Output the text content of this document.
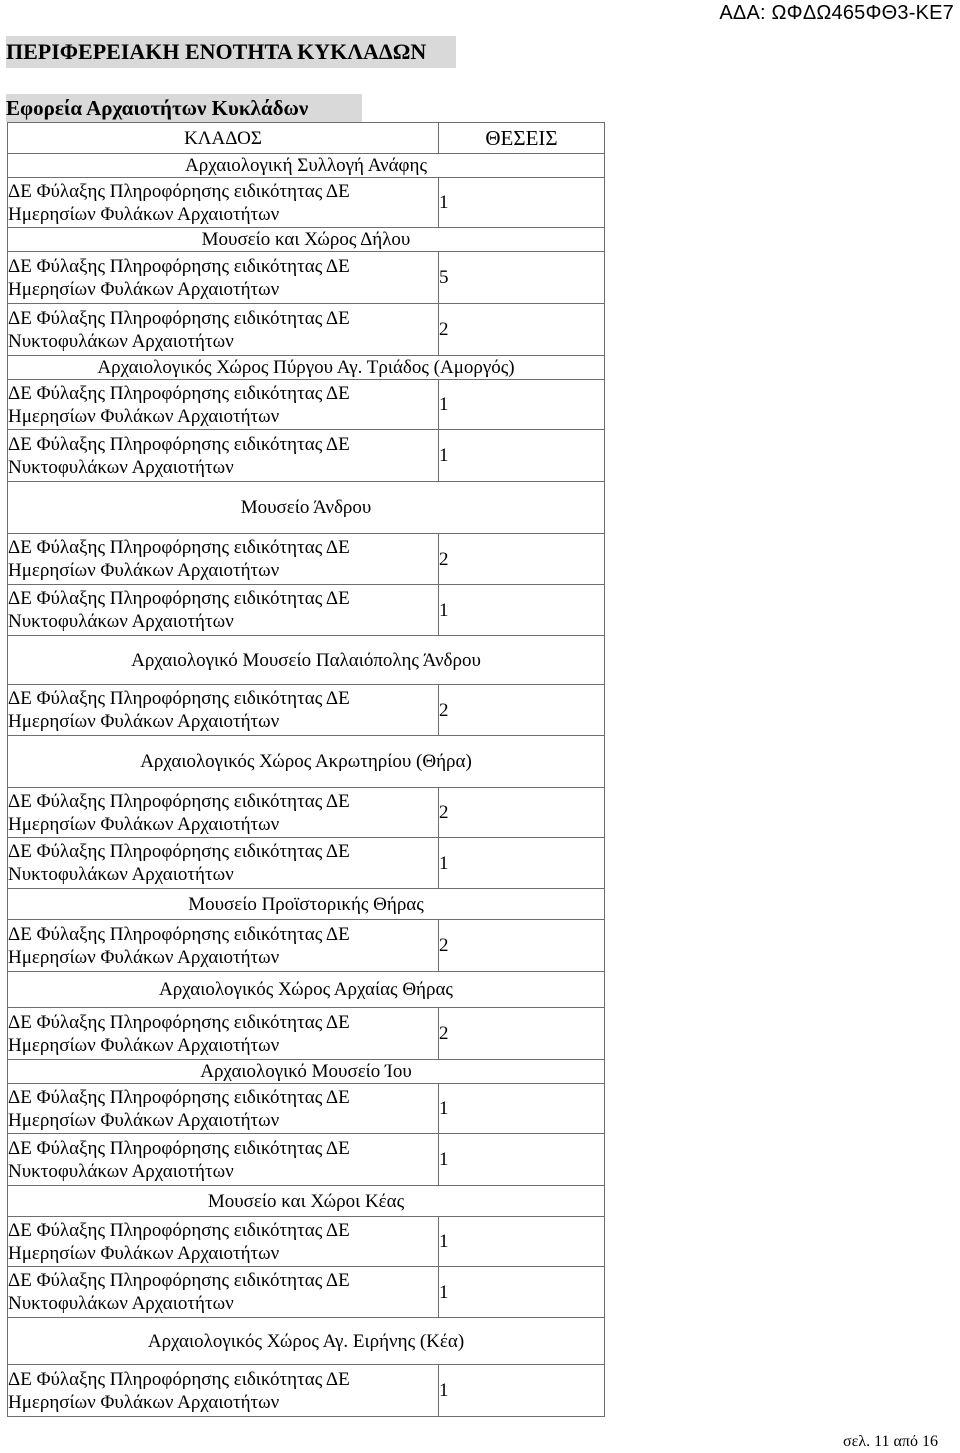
ΑΔΑ: ΩΦΔΩ465ΦΘ3-ΚΕ7
ΠΕΡΙΦΕΡΕΙΑΚΗ ΕΝΟΤΗΤΑ ΚΥΚΛΑΔΩΝ
Εφορεία Αρχαιοτήτων Κυκλάδων
ΚΛΑΔΟΣ	ΘΕΣΕΙΣ
Αρχαιολογική Συλλογή Ανάφης	

ΔΕ Φύλαξης Πληροφόρησης ειδικότητας ΔΕ
Ημερησίων Φυλάκων Αρχαιοτήτων	1
Μουσείο και Χώρος Δήλου	

ΔΕ Φύλαξης Πληροφόρησης ειδικότητας ΔΕ
Ημερησίων Φυλάκων Αρχαιοτήτων	5

ΔΕ Φύλαξης Πληροφόρησης ειδικότητας ΔΕ
Νυκτοφυλάκων Αρχαιοτήτων	2
Αρχαιολογικός Χώρος Πύργου Αγ. Τριάδος (Αμοργός)	

ΔΕ Φύλαξης Πληροφόρησης ειδικότητας ΔΕ
Ημερησίων Φυλάκων Αρχαιοτήτων	1

ΔΕ Φύλαξης Πληροφόρησης ειδικότητας ΔΕ
Νυκτοφυλάκων Αρχαιοτήτων	1
Μουσείο Άνδρου	

ΔΕ Φύλαξης Πληροφόρησης ειδικότητας ΔΕ
Ημερησίων Φυλάκων Αρχαιοτήτων	2

ΔΕ Φύλαξης Πληροφόρησης ειδικότητας ΔΕ
Νυκτοφυλάκων Αρχαιοτήτων	1
Αρχαιολογικό Μουσείο Παλαιόπολης Άνδρου	

ΔΕ Φύλαξης Πληροφόρησης ειδικότητας ΔΕ
Ημερησίων Φυλάκων Αρχαιοτήτων	2
Αρχαιολογικός Χώρος Ακρωτηρίου (Θήρα)	

ΔΕ Φύλαξης Πληροφόρησης ειδικότητας ΔΕ
Ημερησίων Φυλάκων Αρχαιοτήτων	2

ΔΕ Φύλαξης Πληροφόρησης ειδικότητας ΔΕ
Νυκτοφυλάκων Αρχαιοτήτων	1
Μουσείο Προϊστορικής Θήρας	

ΔΕ Φύλαξης Πληροφόρησης ειδικότητας ΔΕ
Ημερησίων Φυλάκων Αρχαιοτήτων	2
Αρχαιολογικός Χώρος Αρχαίας Θήρας	

ΔΕ Φύλαξης Πληροφόρησης ειδικότητας ΔΕ
Ημερησίων Φυλάκων Αρχαιοτήτων	2
Αρχαιολογικό Μουσείο Ίου	

ΔΕ Φύλαξης Πληροφόρησης ειδικότητας ΔΕ
Ημερησίων Φυλάκων Αρχαιοτήτων	1

ΔΕ Φύλαξης Πληροφόρησης ειδικότητας ΔΕ
Νυκτοφυλάκων Αρχαιοτήτων	1
Μουσείο και Χώροι Κέας	

ΔΕ Φύλαξης Πληροφόρησης ειδικότητας ΔΕ
Ημερησίων Φυλάκων Αρχαιοτήτων	1

ΔΕ Φύλαξης Πληροφόρησης ειδικότητας ΔΕ
Νυκτοφυλάκων Αρχαιοτήτων	1
Αρχαιολογικός Χώρος Αγ. Ειρήνης (Κέα)	

ΔΕ Φύλαξης Πληροφόρησης ειδικότητας ΔΕ
Ημερησίων Φυλάκων Αρχαιοτήτων	1
σελ. 11 από 16
